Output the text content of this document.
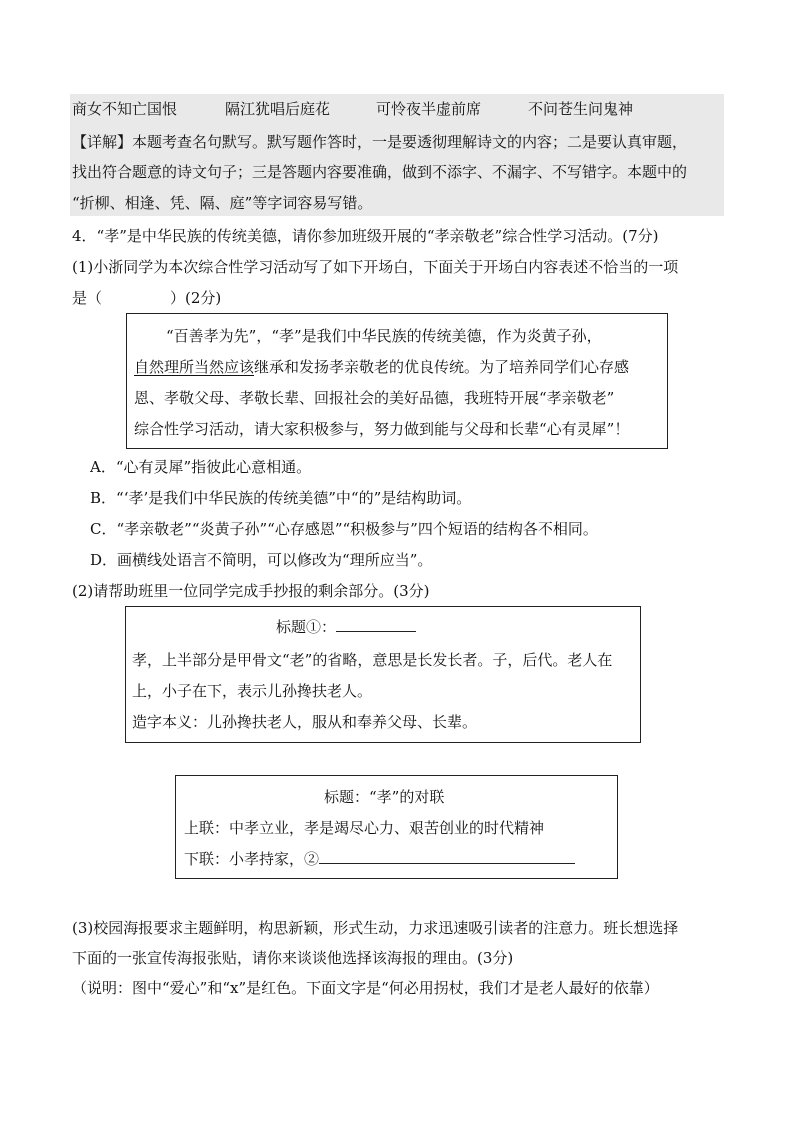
商女不知亡国恨	隔江犹唱后庭花	可怜夜半虚前席	不问苍生问鬼神
【详解】本题考查名句默写。默写题作答时，一是要透彻理解诗文的内容；二是要认真审题，
找出符合题意的诗文句子；三是答题内容要准确，做到不添字、不漏字、不写错字。本题中的
“折柳、相逢、凭、隔、庭”等字词容易写错。
4．“孝”是中华民族的传统美德，请你参加班级开展的“孝亲敬老”综合性学习活动。(7分)
(1)小浙同学为本次综合性学习活动写了如下开场白，下面关于开场白内容表述不恰当的一项
是（	）(2分)
“百善孝为先”，“孝”是我们中华民族的传统美德，作为炎黄子孙，
自然理所当然应该继承和发扬孝亲敬老的优良传统。为了培养同学们心存感
恩、孝敬父母、孝敬长辈、回报社会的美好品德，我班特开展“孝亲敬老”
综合性学习活动，请大家积极参与，努力做到能与父母和长辈“心有灵犀”！
A．“心有灵犀”指彼此心意相通。
B．“‘孝’是我们中华民族的传统美德”中“的”是结构助词。
C．“孝亲敬老”“炎黄子孙”“心存感恩”“积极参与”四个短语的结构各不相同。
D．画横线处语言不简明，可以修改为“理所应当”。
(2)请帮助班里一位同学完成手抄报的剩余部分。(3分)
标题①：
孝，上半部分是甲骨文“老”的省略，意思是长发长者。子，后代。老人在
上，小子在下，表示儿孙搀扶老人。
造字本义：儿孙搀扶老人，服从和奉养父母、长辈。
标题：“孝”的对联
上联：中孝立业，孝是竭尽心力、艰苦创业的时代精神
下联：小孝持家，②
(3)校园海报要求主题鲜明，构思新颖，形式生动，力求迅速吸引读者的注意力。班长想选择
下面的一张宣传海报张贴，请你来谈谈他选择该海报的理由。(3分)
（说明：图中“爱心”和“x”是红色。下面文字是“何必用拐杖，我们才是老人最好的依靠）
